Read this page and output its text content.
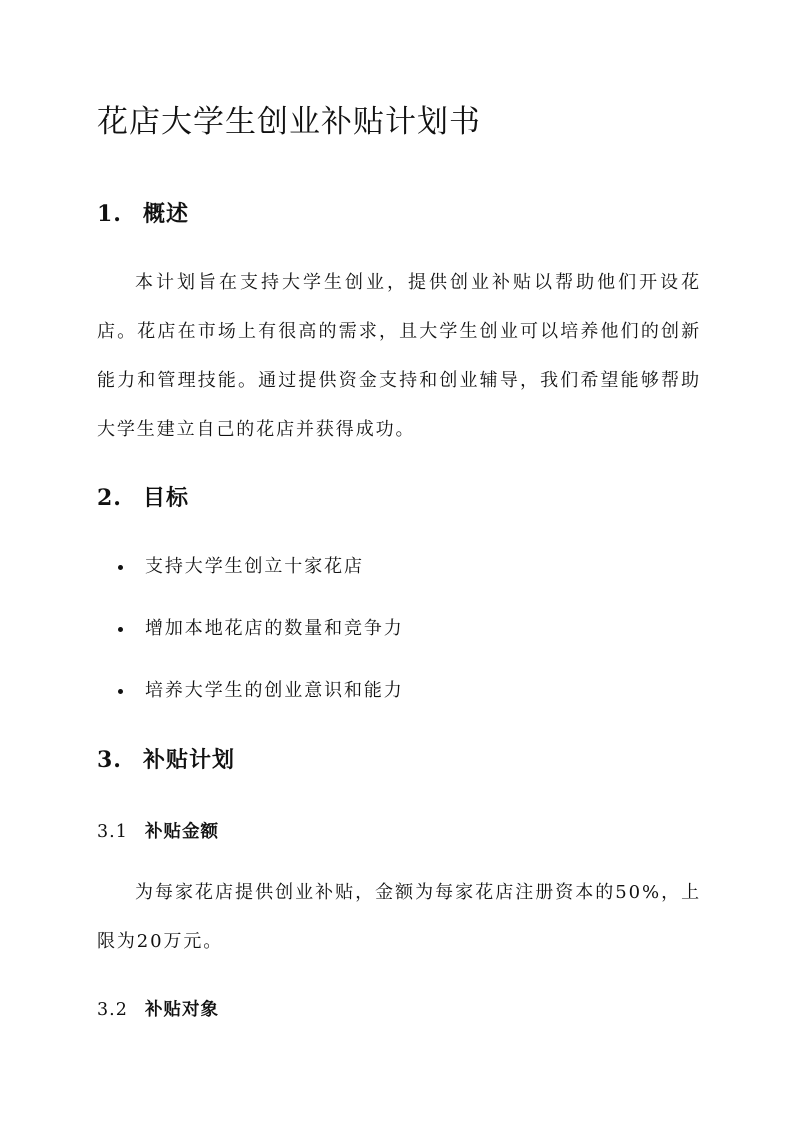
花店大学生创业补贴计划书
1. 概述

本计划旨在支持大学生创业，提供创业补贴以帮助他们开设花店。花店在市场上有很高的需求，且大学生创业可以培养他们的创新能力和管理技能。通过提供资金支持和创业辅导，我们希望能够帮助大学生建立自己的花店并获得成功。

2. 目标
支持大学生创立十家花店
增加本地花店的数量和竞争力
培养大学生的创业意识和能力
3. 补贴计划
3.1 补贴金额

为每家花店提供创业补贴，金额为每家花店注册资本的50%，上限为20万元。

3.2 补贴对象
